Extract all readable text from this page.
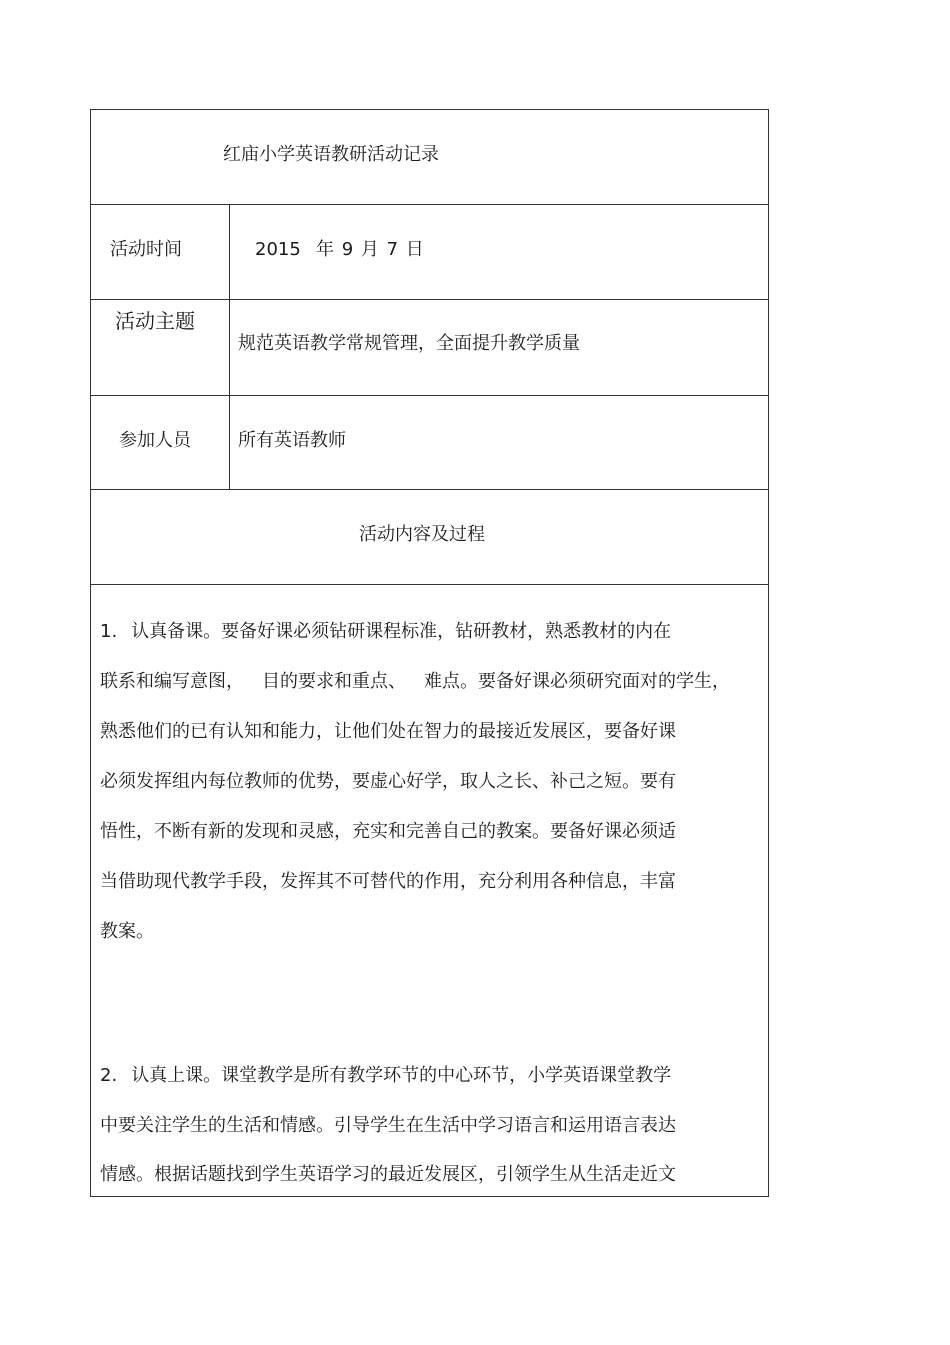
红庙小学英语教研活动记录
活动时间	2015 年 9 月 7 日
活动主题
规范英语教学常规管理，全面提升教学质量
参加人员	所有英语教师
活动内容及过程
1. 认真备课。要备好课必须钻研课程标准，钻研教材，熟悉教材的内在
联系和编写意图， 目的要求和重点、 难点。要备好课必须研究面对的学生，
熟悉他们的已有认知和能力，让他们处在智力的最接近发展区，要备好课
必须发挥组内每位教师的优势，要虚心好学，取人之长、补己之短。要有
悟性，不断有新的发现和灵感，充实和完善自己的教案。要备好课必须适
当借助现代教学手段，发挥其不可替代的作用，充分利用各种信息，丰富
教案。
2. 认真上课。课堂教学是所有教学环节的中心环节，小学英语课堂教学
中要关注学生的生活和情感。引导学生在生活中学习语言和运用语言表达
情感。根据话题找到学生英语学习的最近发展区，引领学生从生活走近文
